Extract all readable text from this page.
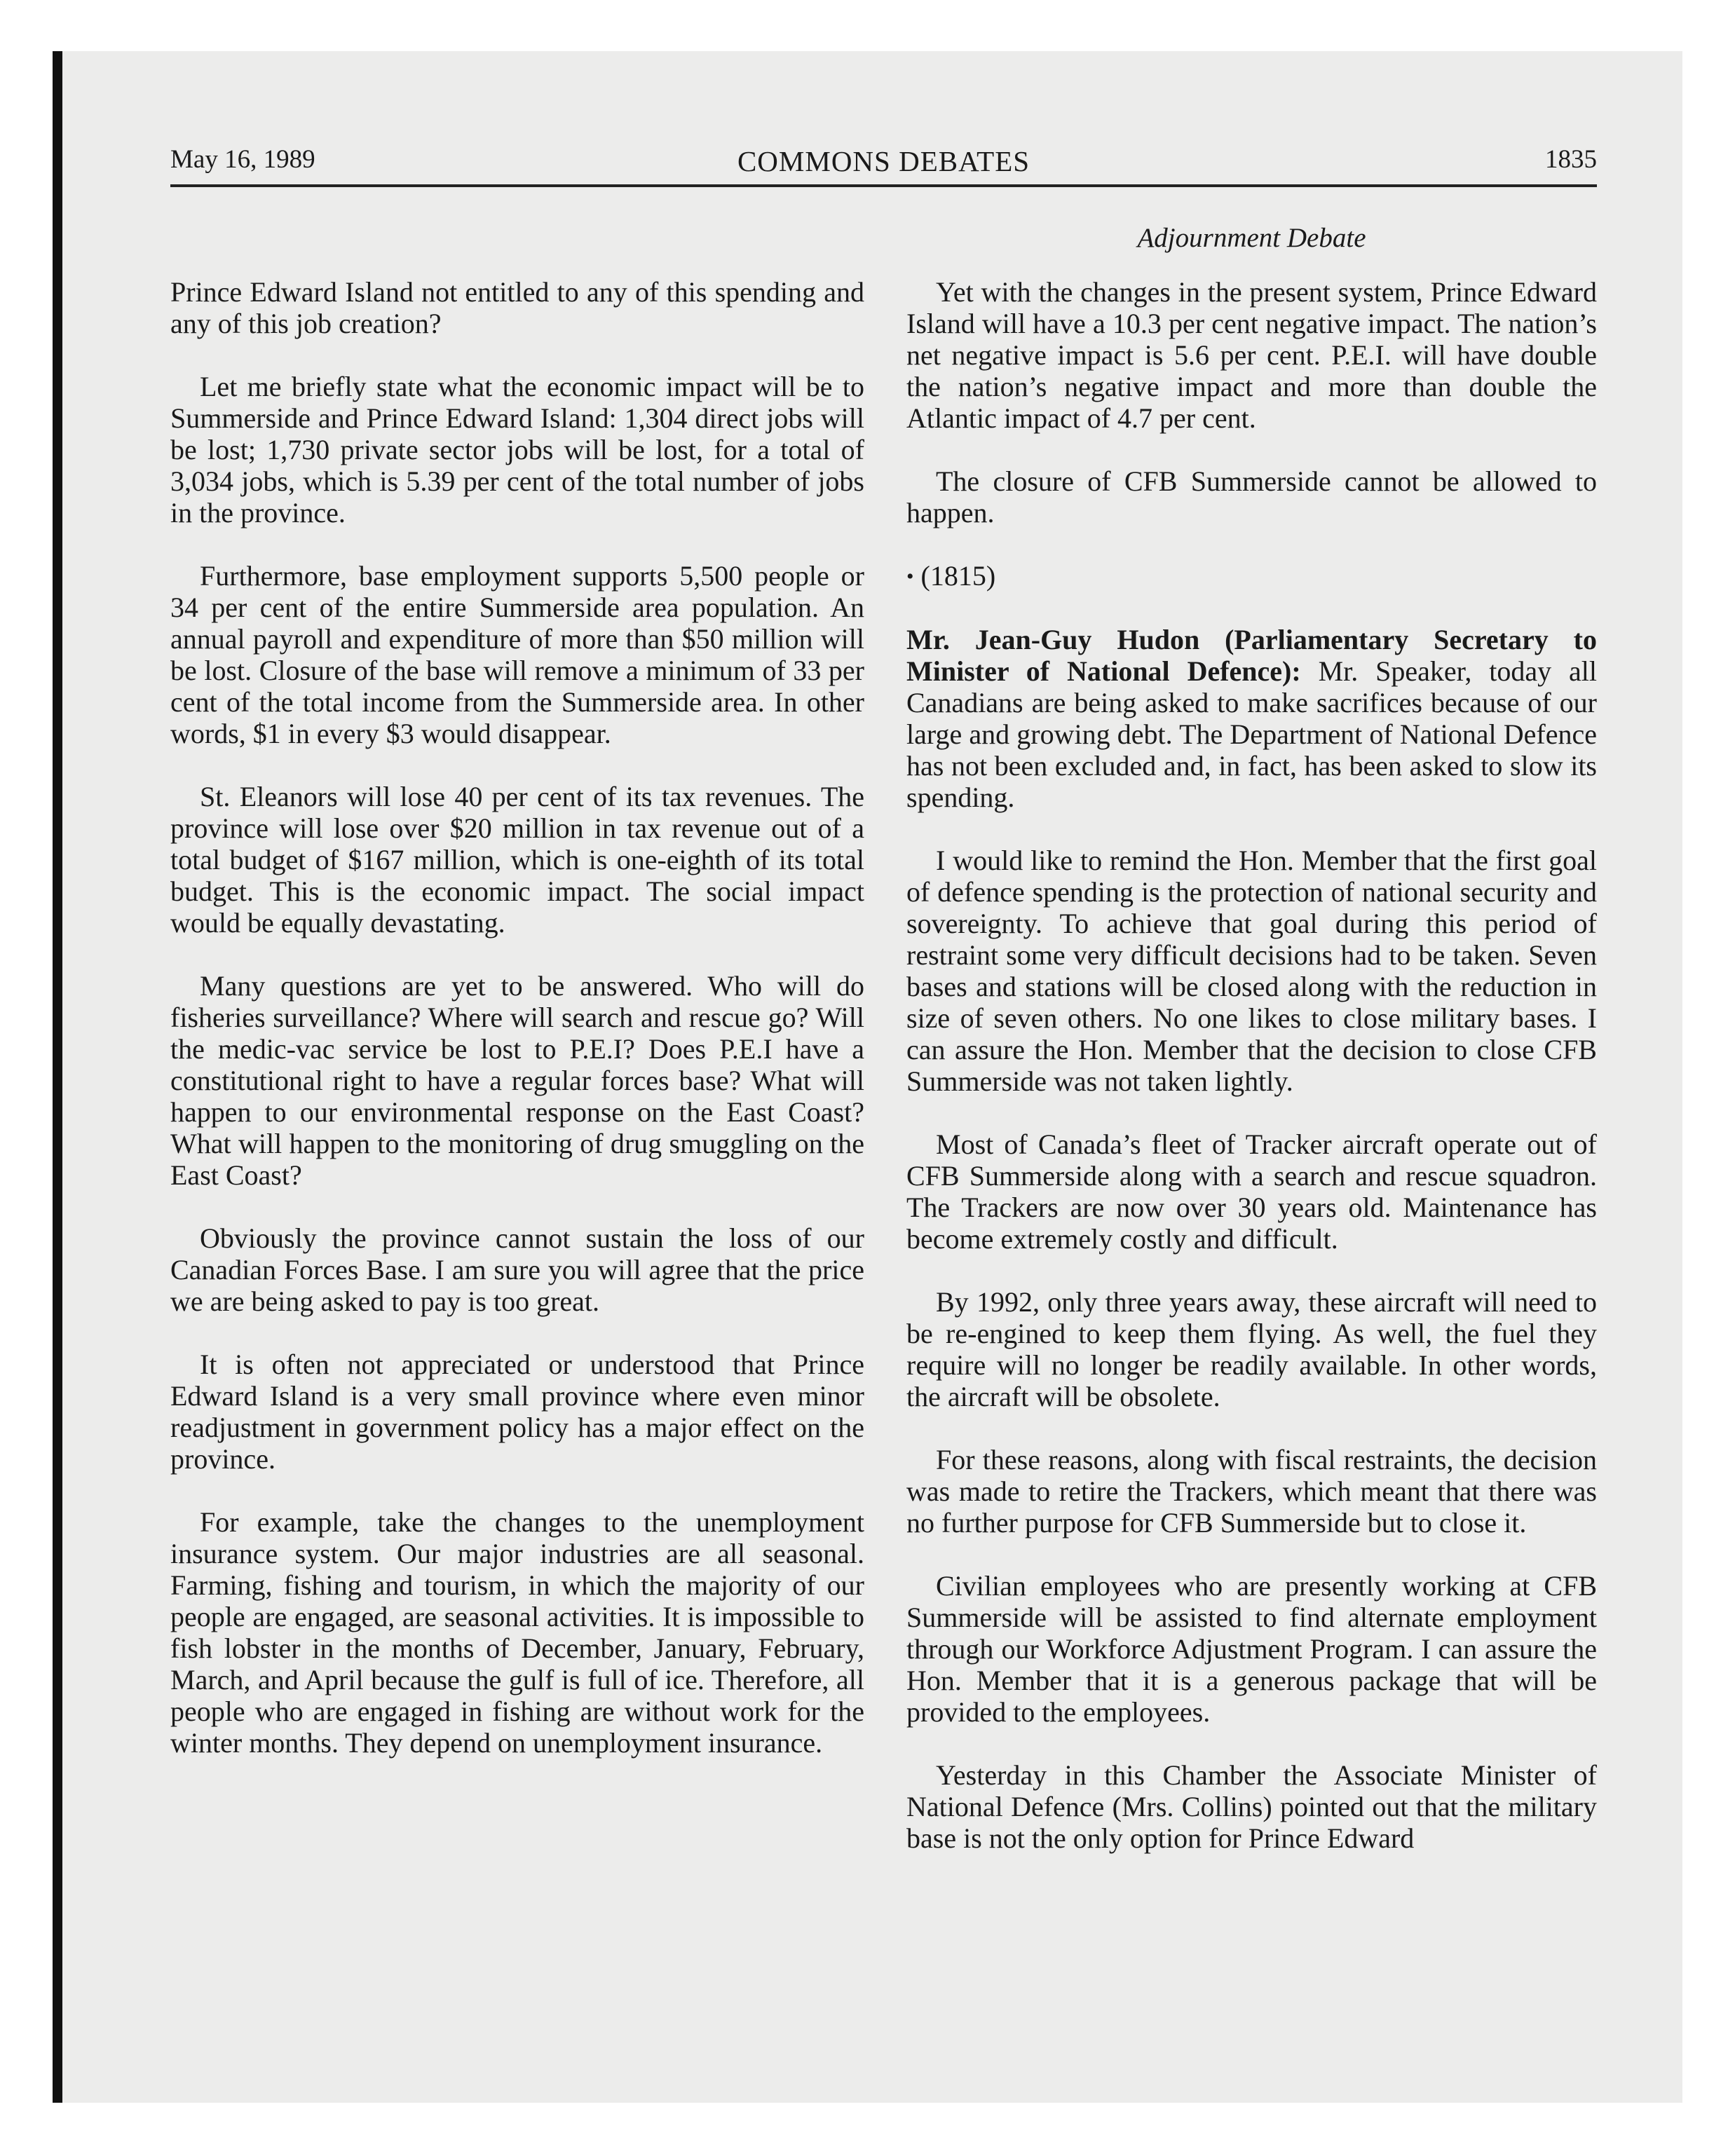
May 16, 1989	COMMONS DEBATES	1835
Adjournment Debate

Prince Edward Island not entitled to any of this spending and any of this job creation?

Let me briefly state what the economic impact will be to Summerside and Prince Edward Island: 1,304 direct jobs will be lost; 1,730 private sector jobs will be lost, for a total of 3,034 jobs, which is 5.39 per cent of the total number of jobs in the province.

Furthermore, base employment supports 5,500 people or 34 per cent of the entire Summerside area population. An annual payroll and expenditure of more than $50 million will be lost. Closure of the base will remove a minimum of 33 per cent of the total income from the Summerside area. In other words, $1 in every $3 would disappear.

St. Eleanors will lose 40 per cent of its tax revenues. The province will lose over $20 million in tax revenue out of a total budget of $167 million, which is one-eighth of its total budget. This is the economic impact. The social impact would be equally devastating.

Many questions are yet to be answered. Who will do fisheries surveillance? Where will search and rescue go? Will the medic-vac service be lost to P.E.I? Does P.E.I have a constitutional right to have a regular forces base? What will happen to our environmental response on the East Coast? What will happen to the monitoring of drug smuggling on the East Coast?

Obviously the province cannot sustain the loss of our Canadian Forces Base. I am sure you will agree that the price we are being asked to pay is too great.

It is often not appreciated or understood that Prince Edward Island is a very small province where even minor readjustment in government policy has a major effect on the province.

For example, take the changes to the unemployment insurance system. Our major industries are all seasonal. Farming, fishing and tourism, in which the majority of our people are engaged, are seasonal activities. It is impossible to fish lobster in the months of December, January, February, March, and April because the gulf is full of ice. Therefore, all people who are engaged in fishing are without work for the winter months. They depend on unemployment insurance.

Yet with the changes in the present system, Prince Edward Island will have a 10.3 per cent negative impact. The nation’s net negative impact is 5.6 per cent. P.E.I. will have double the nation’s negative impact and more than double the Atlantic impact of 4.7 per cent.

The closure of CFB Summerside cannot be allowed to happen.

• (1815)

Mr. Jean-Guy Hudon (Parliamentary Secretary to Minister of National Defence): Mr. Speaker, today all Canadians are being asked to make sacrifices because of our large and growing debt. The Department of National Defence has not been excluded and, in fact, has been asked to slow its spending.

I would like to remind the Hon. Member that the first goal of defence spending is the protection of national security and sovereignty. To achieve that goal during this period of restraint some very difficult decisions had to be taken. Seven bases and stations will be closed along with the reduction in size of seven others. No one likes to close military bases. I can assure the Hon. Member that the decision to close CFB Summerside was not taken lightly.

Most of Canada’s fleet of Tracker aircraft operate out of CFB Summerside along with a search and rescue squadron. The Trackers are now over 30 years old. Maintenance has become extremely costly and difficult.

By 1992, only three years away, these aircraft will need to be re-engined to keep them flying. As well, the fuel they require will no longer be readily available. In other words, the aircraft will be obsolete.

For these reasons, along with fiscal restraints, the decision was made to retire the Trackers, which meant that there was no further purpose for CFB Summerside but to close it.

Civilian employees who are presently working at CFB Summerside will be assisted to find alternate employment through our Workforce Adjustment Program. I can assure the Hon. Member that it is a generous package that will be provided to the employees.

Yesterday in this Chamber the Associate Minister of National Defence (Mrs. Collins) pointed out that the military base is not the only option for Prince Edward
